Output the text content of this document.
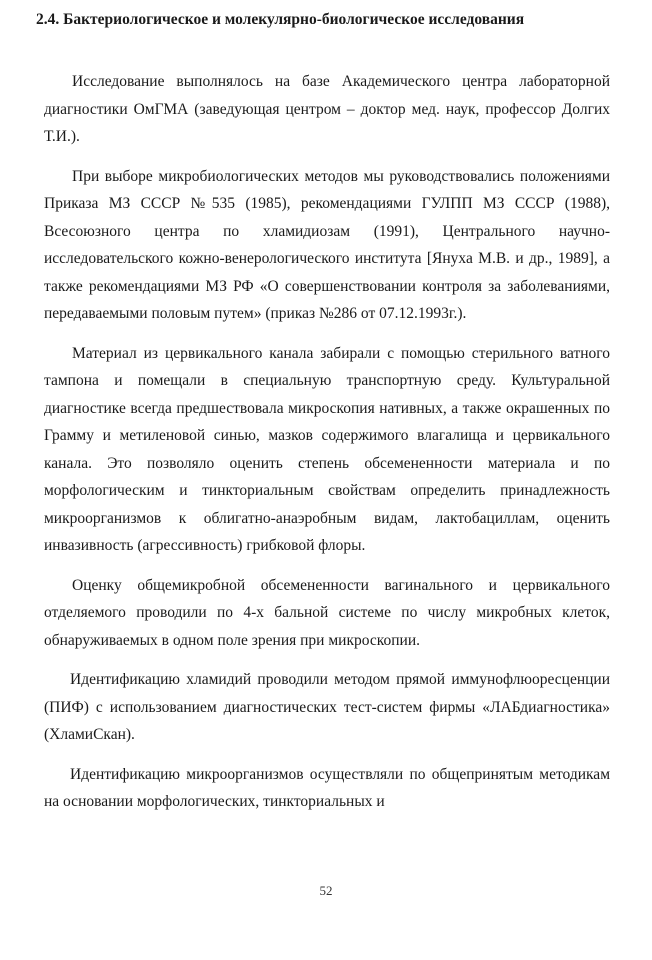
2.4. Бактериологическое и молекулярно-биологическое исследования

Исследование выполнялось на базе Академического центра лабораторной диагностики ОмГМА (заведующая центром – доктор мед. наук, профессор Долгих Т.И.).

При выборе микробиологических методов мы руководствовались положениями Приказа МЗ СССР №535 (1985), рекомендациями ГУЛПП МЗ СССР (1988), Всесоюзного центра по хламидиозам (1991), Центрального научно-исследовательского кожно-венерологического института [Януха М.В. и др., 1989], а также рекомендациями МЗ РФ «О совершенствовании контроля за заболеваниями, передаваемыми половым путем» (приказ №286 от 07.12.1993г.).

Материал из цервикального канала забирали с помощью стерильного ватного тампона и помещали в специальную транспортную среду. Культуральной диагностике всегда предшествовала микроскопия нативных, а также окрашенных по Грамму и метиленовой синью, мазков содержимого влагалища и цервикального канала. Это позволяло оценить степень обсемененности материала и по морфологическим и тинкториальным свойствам определить принадлежность микроорганизмов к облигатно-анаэробным видам, лактобациллам, оценить инвазивность (агрессивность) грибковой флоры.

Оценку общемикробной обсемененности вагинального и цервикального отделяемого проводили по 4-х бальной системе по числу микробных клеток, обнаруживаемых в одном поле зрения при микроскопии.

Идентификацию хламидий проводили методом прямой иммунофлюоресценции (ПИФ) с использованием диагностических тест-систем фирмы «ЛАБдиагностика» (ХламиСкан).

Идентификацию микроорганизмов осуществляли по общепринятым методикам на основании морфологических, тинкториальных и

52
